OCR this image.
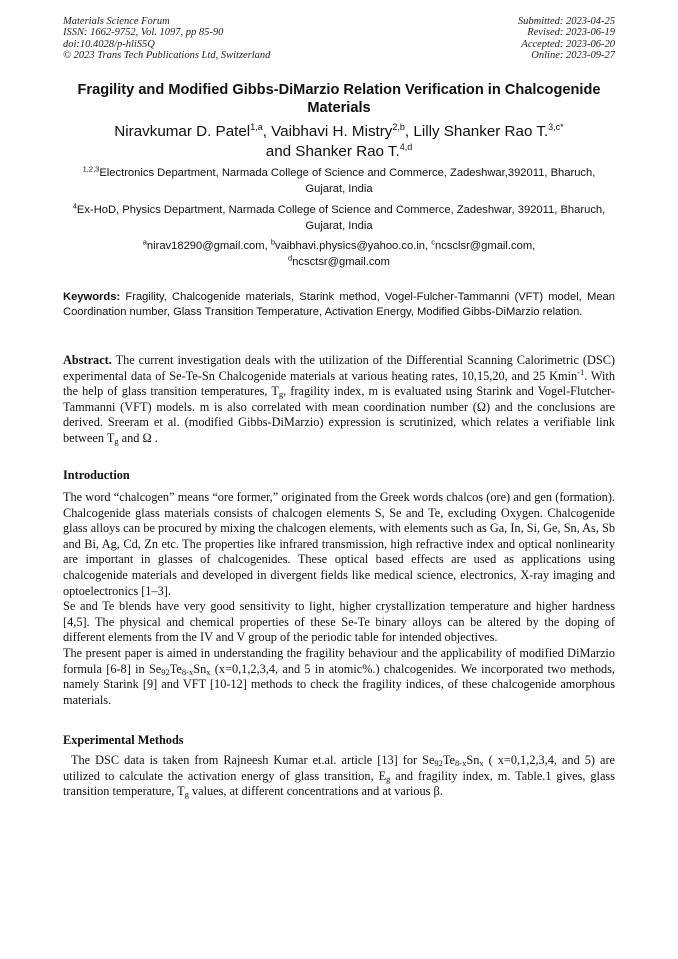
Materials Science Forum
ISSN: 1662-9752, Vol. 1097, pp 85-90
doi:10.4028/p-hliS5Q
© 2023 Trans Tech Publications Ltd, Switzerland
Submitted: 2023-04-25
Revised: 2023-06-19
Accepted: 2023-06-20
Online: 2023-09-27
Fragility and Modified Gibbs-DiMarzio Relation Verification in Chalcogenide Materials
Niravkumar D. Patel$^{1,a}$, Vaibhavi H. Mistry$^{2,b}$, Lilly Shanker Rao T.$^{3,c*}$
and Shanker Rao T.$^{4,d}$
$^{1,2,3}$Electronics Department, Narmada College of Science and Commerce, Zadeshwar,392011, Bharuch, Gujarat, India
$^4$Ex-HoD, Physics Department, Narmada College of Science and Commerce, Zadeshwar, 392011, Bharuch, Gujarat, India
$^a$nirav18290@gmail.com, $^b$vaibhavi.physics@yahoo.co.in, $^c$ncsclsr@gmail.com,
$^d$ncsctsr@gmail.com
Keywords: Fragility, Chalcogenide materials, Starink method, Vogel-Fulcher-Tammanni (VFT) model, Mean Coordination number, Glass Transition Temperature, Activation Energy, Modified Gibbs-DiMarzio relation.
Abstract. The current investigation deals with the utilization of the Differential Scanning Calorimetric (DSC) experimental data of Se-Te-Sn Chalcogenide materials at various heating rates, 10,15,20, and 25 Kmin$^{-1}$. With the help of glass transition temperatures, $T_g$, fragility index, m is evaluated using Starink and Vogel-Flutcher-Tammanni (VFT) models. m is also correlated with mean coordination number (Ω) and the conclusions are derived. Sreeram et al. (modified Gibbs-DiMarzio) expression is scrutinized, which relates a verifiable link between $T_g$ and Ω .
Introduction

The word “chalcogen” means “ore former,” originated from the Greek words chalcos (ore) and gen (formation). Chalcogenide glass materials consists of chalcogen elements S, Se and Te, excluding Oxygen. Chalcogenide glass alloys can be procured by mixing the chalcogen elements, with elements such as Ga, In, Si, Ge, Sn, As, Sb and Bi, Ag, Cd, Zn etc. The properties like infrared transmission, high refractive index and optical nonlinearity are important in glasses of chalcogenides. These optical based effects are used as applications using chalcogenide materials and developed in divergent fields like medical science, electronics, X-ray imaging and optoelectronics [1–3].

Se and Te blends have very good sensitivity to light, higher crystallization temperature and higher hardness [4,5]. The physical and chemical properties of these Se-Te binary alloys can be altered by the doping of different elements from the IV and V group of the periodic table for intended objectives.

The present paper is aimed in understanding the fragility behaviour and the applicability of modified DiMarzio formula [6-8] in $Se_{92}Te_{8-x}Sn_x$ (x=0,1,2,3,4, and 5 in atomic%.) chalcogenides. We incorporated two methods, namely Starink [9] and VFT [10-12] methods to check the fragility indices, of these chalcogenide amorphous materials.

Experimental Methods

The DSC data is taken from Rajneesh Kumar et.al. article [13] for $Se_{92}Te_{8-x}Sn_x$ ( x=0,1,2,3,4, and 5) are utilized to calculate the activation energy of glass transition, $E_g$ and fragility index, m. Table.1 gives, glass transition temperature, $T_g$ values, at different concentrations and at various β.
